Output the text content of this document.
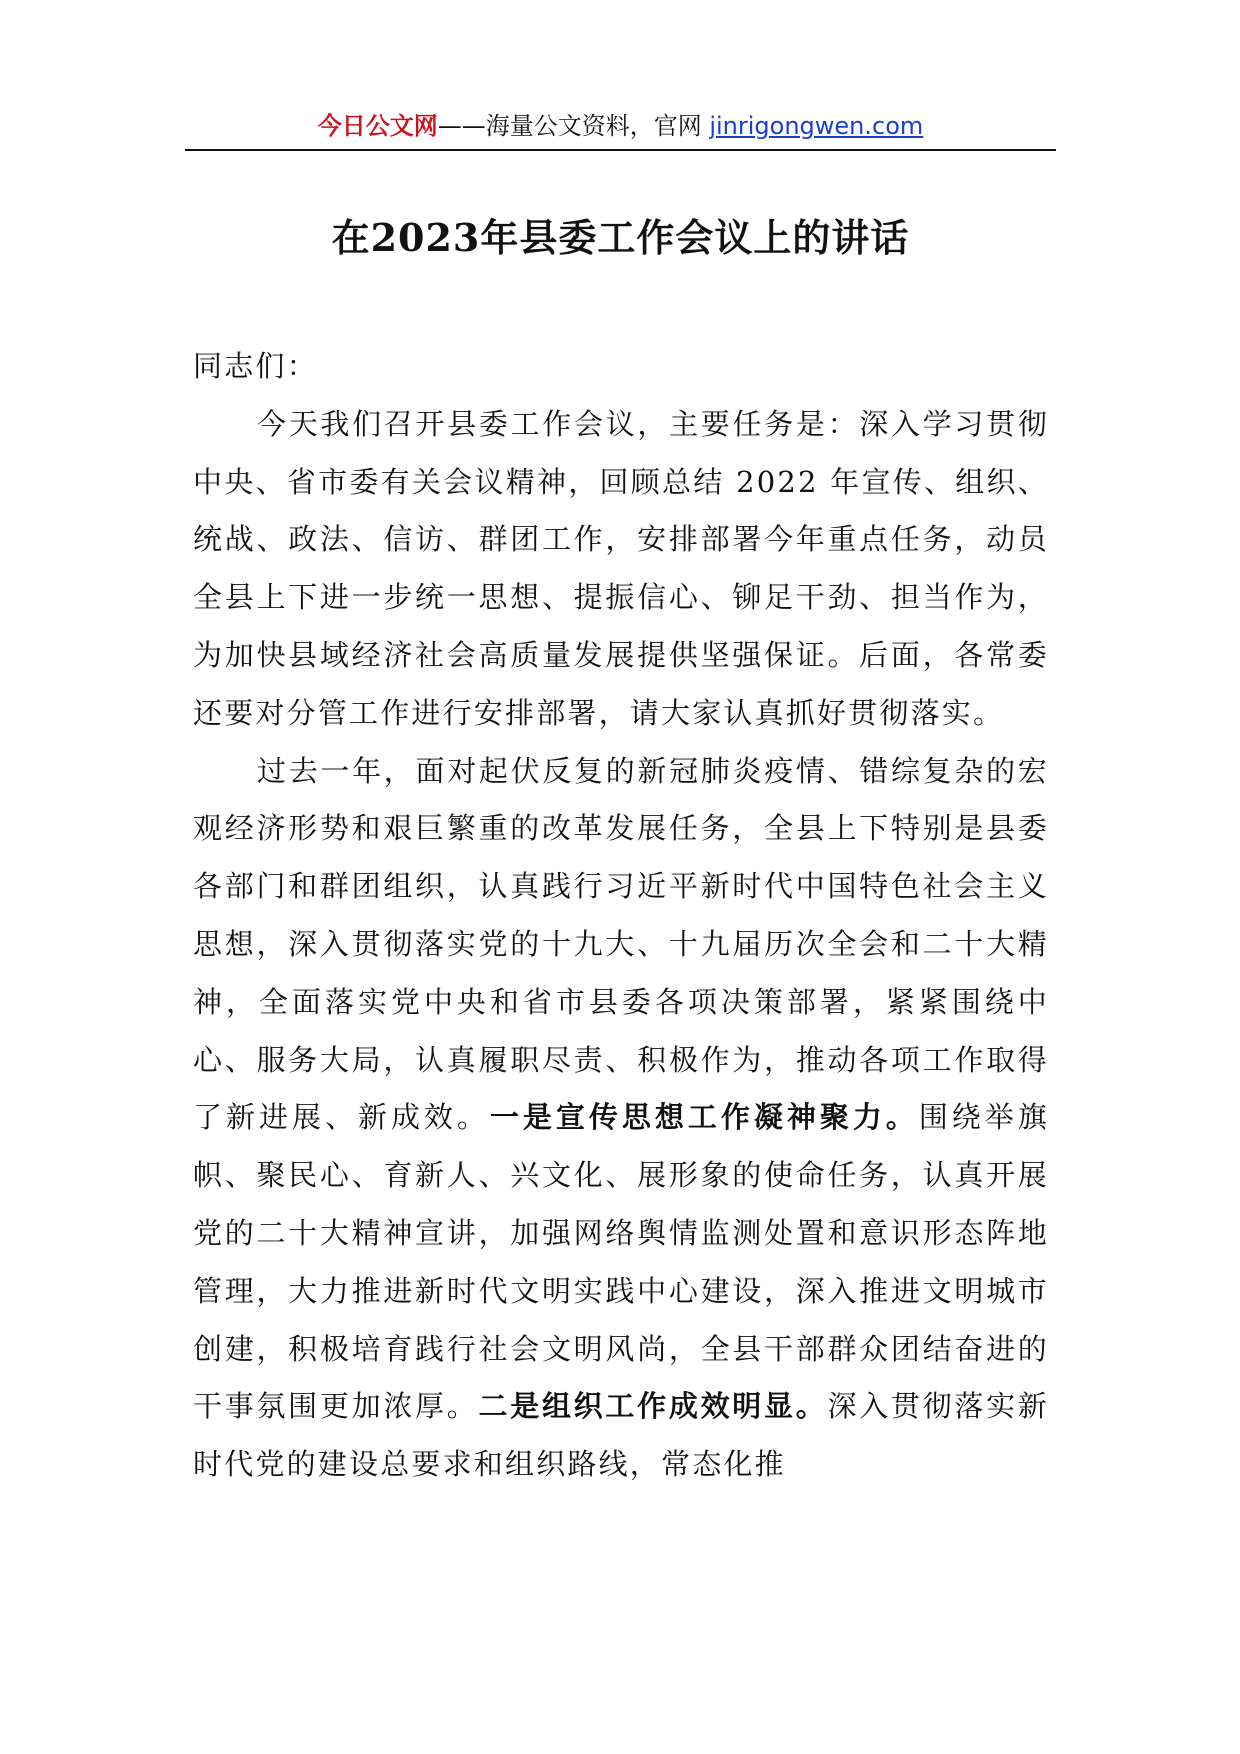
今日公文网——海量公文资料，官网 jinrigongwen.com
在2023年县委工作会议上的讲话

同志们：

今天我们召开县委工作会议，主要任务是：深入学习贯彻中央、省市委有关会议精神，回顾总结 2022 年宣传、组织、统战、政法、信访、群团工作，安排部署今年重点任务，动员全县上下进一步统一思想、提振信心、铆足干劲、担当作为，为加快县域经济社会高质量发展提供坚强保证。后面，各常委还要对分管工作进行安排部署，请大家认真抓好贯彻落实。

过去一年，面对起伏反复的新冠肺炎疫情、错综复杂的宏观经济形势和艰巨繁重的改革发展任务，全县上下特别是县委各部门和群团组织，认真践行习近平新时代中国特色社会主义思想，深入贯彻落实党的十九大、十九届历次全会和二十大精神，全面落实党中央和省市县委各项决策部署，紧紧围绕中心、服务大局，认真履职尽责、积极作为，推动各项工作取得了新进展、新成效。一是宣传思想工作凝神聚力。围绕举旗帜、聚民心、育新人、兴文化、展形象的使命任务，认真开展党的二十大精神宣讲，加强网络舆情监测处置和意识形态阵地管理，大力推进新时代文明实践中心建设，深入推进文明城市创建，积极培育践行社会文明风尚，全县干部群众团结奋进的干事氛围更加浓厚。二是组织工作成效明显。深入贯彻落实新时代党的建设总要求和组织路线，常态化推
